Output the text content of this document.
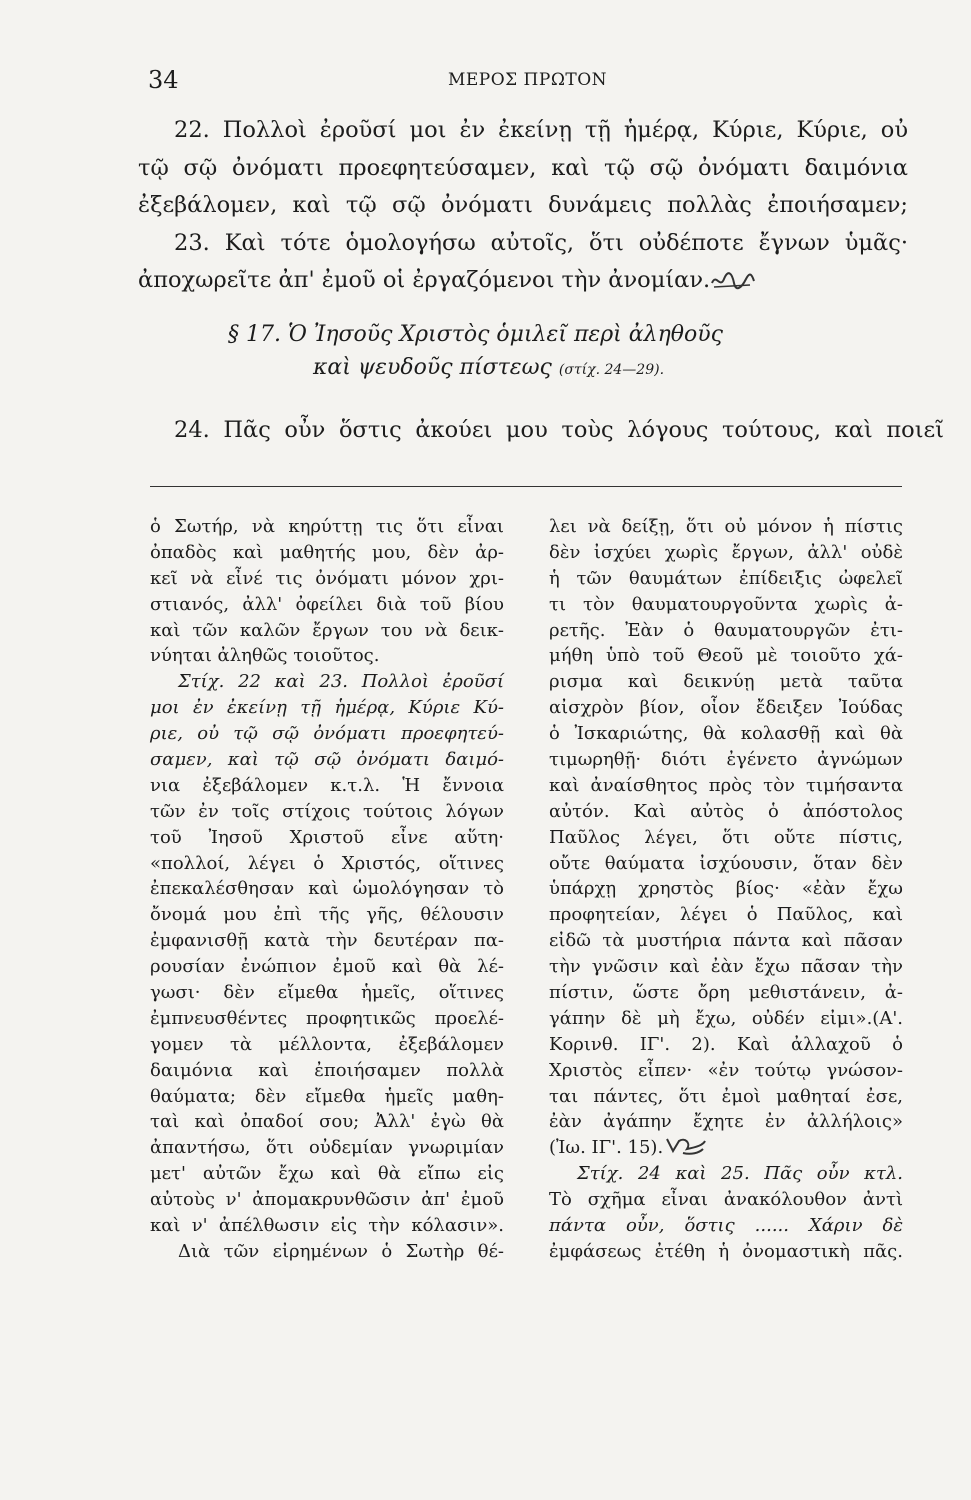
34	ΜΕΡΟΣ ΠΡΩΤΟΝ
22. Πολλοὶ ἐροῦσί μοι ἐν ἐκείνῃ τῇ ἡμέρᾳ, Κύριε, Κύριε, οὐ
τῷ σῷ ὀνόματι προεφητεύσαμεν, καὶ τῷ σῷ ὀνόματι δαιμόνια
ἐξεβάλομεν, καὶ τῷ σῷ ὀνόματι δυνάμεις πολλὰς ἐποιήσαμεν;
23. Καὶ τότε ὁμολογήσω αὐτοῖς, ὅτι οὐδέποτε ἔγνων ὑμᾶς·
ἀποχωρεῖτε ἀπ' ἐμοῦ οἱ ἐργαζόμενοι τὴν ἀνομίαν.
§ 17. Ὁ Ἰησοῦς Χριστὸς ὁμιλεῖ περὶ ἀληθοῦς
καὶ ψευδοῦς πίστεως (στίχ. 24—29).
24. Πᾶς οὖν ὅστις ἀκούει μου τοὺς λόγους τούτους, καὶ ποιεῖ
ὁ Σωτήρ, νὰ κηρύττῃ τις ὅτι εἶναι
ὀπαδὸς καὶ μαθητής μου, δὲν ἀρ-
κεῖ νὰ εἶνέ τις ὀνόματι μόνον χρι-
στιανός, ἀλλ' ὀφείλει διὰ τοῦ βίου
καὶ τῶν καλῶν ἔργων του νὰ δεικ-
νύηται ἀληθῶς τοιοῦτος.
Στίχ. 22 καὶ 23. Πολλοὶ ἐροῦσί
μοι ἐν ἐκείνῃ τῇ ἡμέρᾳ, Κύριε Κύ-
ριε, οὐ τῷ σῷ ὀνόματι προεφητεύ-
σαμεν, καὶ τῷ σῷ ὀνόματι δαιμό-
νια ἐξεβάλομεν κ.τ.λ. Ἡ ἔννοια
τῶν ἐν τοῖς στίχοις τούτοις λόγων
τοῦ Ἰησοῦ Χριστοῦ εἶνε αὕτη·
«πολλοί, λέγει ὁ Χριστός, οἵτινες
ἐπεκαλέσθησαν καὶ ὡμολόγησαν τὸ
ὄνομά μου ἐπὶ τῆς γῆς, θέλουσιν
ἐμφανισθῇ κατὰ τὴν δευτέραν πα-
ρουσίαν ἐνώπιον ἐμοῦ καὶ θὰ λέ-
γωσι· δὲν εἴμεθα ἡμεῖς, οἵτινες
ἐμπνευσθέντες προφητικῶς προελέ-
γομεν τὰ μέλλοντα, ἐξεβάλομεν
δαιμόνια καὶ ἐποιήσαμεν πολλὰ
θαύματα; δὲν εἴμεθα ἡμεῖς μαθη-
ταὶ καὶ ὀπαδοί σου; Ἀλλ' ἐγὼ θὰ
ἀπαντήσω, ὅτι οὐδεμίαν γνωριμίαν
μετ' αὐτῶν ἔχω καὶ θὰ εἴπω εἰς
αὐτοὺς ν' ἀπομακρυνθῶσιν ἀπ' ἐμοῦ
καὶ ν' ἀπέλθωσιν εἰς τὴν κόλασιν».
Διὰ τῶν εἰρημένων ὁ Σωτὴρ θέ-
λει νὰ δείξῃ, ὅτι οὐ μόνον ἡ πίστις
δὲν ἰσχύει χωρὶς ἔργων, ἀλλ' οὐδὲ
ἡ τῶν θαυμάτων ἐπίδειξις ὠφελεῖ
τι τὸν θαυματουργοῦντα χωρὶς ἀ-
ρετῆς. Ἐὰν ὁ θαυματουργῶν ἐτι-
μήθη ὑπὸ τοῦ Θεοῦ μὲ τοιοῦτο χά-
ρισμα καὶ δεικνύῃ μετὰ ταῦτα
αἰσχρὸν βίον, οἷον ἔδειξεν Ἰούδας
ὁ Ἰσκαριώτης, θὰ κολασθῇ καὶ θὰ
τιμωρηθῇ· διότι ἐγένετο ἀγνώμων
καὶ ἀναίσθητος πρὸς τὸν τιμήσαντα
αὐτόν. Καὶ αὐτὸς ὁ ἀπόστολος
Παῦλος λέγει, ὅτι οὔτε πίστις,
οὔτε θαύματα ἰσχύουσιν, ὅταν δὲν
ὑπάρχῃ χρηστὸς βίος· «ἐὰν ἔχω
προφητείαν, λέγει ὁ Παῦλος, καὶ
εἰδῶ τὰ μυστήρια πάντα καὶ πᾶσαν
τὴν γνῶσιν καὶ ἐὰν ἔχω πᾶσαν τὴν
πίστιν, ὥστε ὄρη μεθιστάνειν, ἀ-
γάπην δὲ μὴ ἔχω, οὐδέν εἰμι».(Α'.
Κορινθ. ΙΓ'. 2). Καὶ ἀλλαχοῦ ὁ
Χριστὸς εἶπεν· «ἐν τούτῳ γνώσον-
ται πάντες, ὅτι ἐμοὶ μαθηταί ἐσε,
ἐὰν ἀγάπην ἔχητε ἐν ἀλλήλοις»
(Ἰω. ΙΓ'. 15).
Στίχ. 24 καὶ 25. Πᾶς οὖν κτλ.
Τὸ σχῆμα εἶναι ἀνακόλουθον ἀντὶ
πάντα οὖν, ὅστις ...... Χάριν δὲ
ἐμφάσεως ἐτέθη ἡ ὀνομαστικὴ πᾶς.
